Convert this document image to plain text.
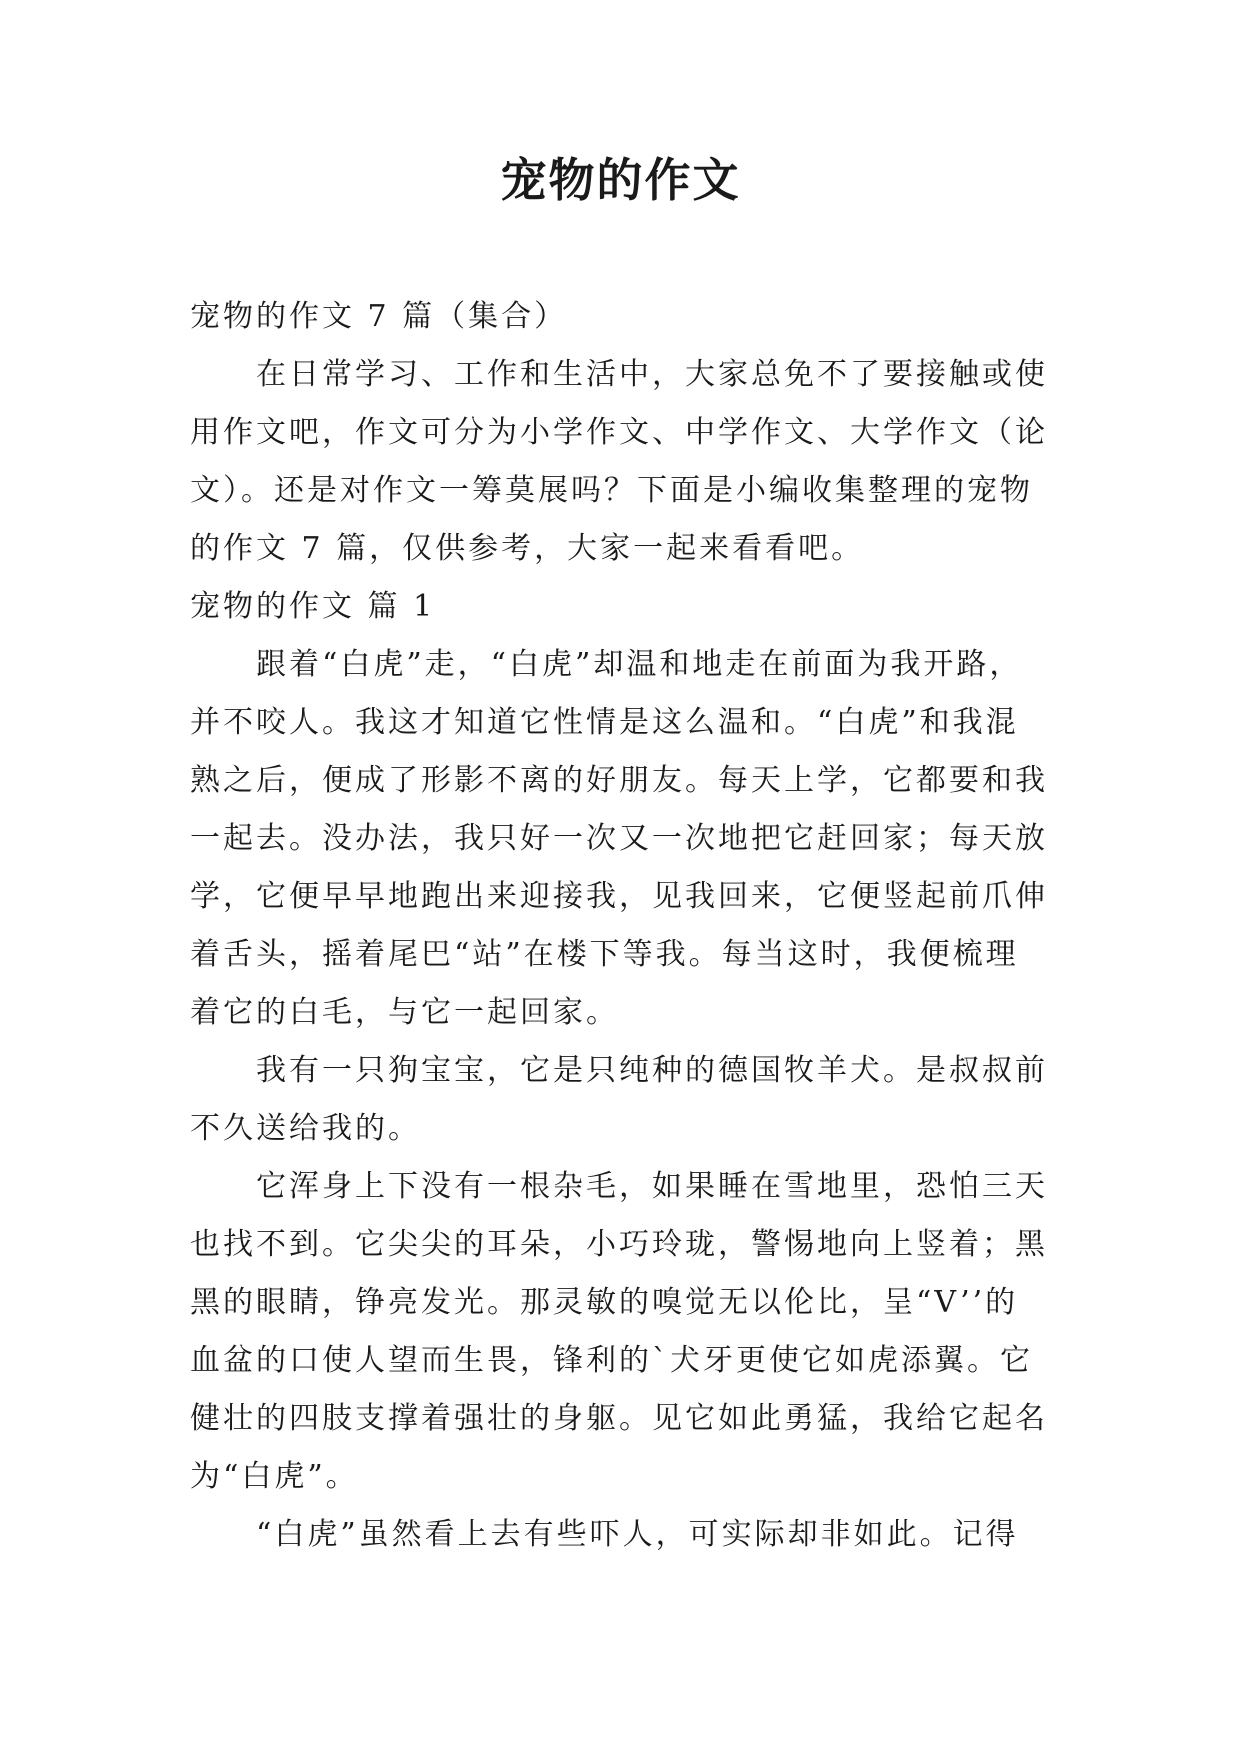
宠物的作文
宠物的作文 7 篇（集合）
在日常学习、工作和生活中，大家总免不了要接触或使
用作文吧，作文可分为小学作文、中学作文、大学作文（论
文）。还是对作文一筹莫展吗？下面是小编收集整理的宠物
的作文 7 篇，仅供参考，大家一起来看看吧。
宠物的作文 篇 1
跟着“白虎”走，“白虎”却温和地走在前面为我开路，
并不咬人。我这才知道它性情是这么温和。“白虎”和我混
熟之后，便成了形影不离的好朋友。每天上学，它都要和我
一起去。没办法，我只好一次又一次地把它赶回家；每天放
学，它便早早地跑出来迎接我，见我回来，它便竖起前爪伸
着舌头，摇着尾巴“站”在楼下等我。每当这时，我便梳理
着它的白毛，与它一起回家。
我有一只狗宝宝，它是只纯种的德国牧羊犬。是叔叔前
不久送给我的。
它浑身上下没有一根杂毛，如果睡在雪地里，恐怕三天
也找不到。它尖尖的耳朵，小巧玲珑，警惕地向上竖着；黑
黑的眼睛，铮亮发光。那灵敏的嗅觉无以伦比，呈“V’’的
血盆的口使人望而生畏，锋利的`犬牙更使它如虎添翼。它
健壮的四肢支撑着强壮的身躯。见它如此勇猛，我给它起名
为“白虎”。
“白虎”虽然看上去有些吓人，可实际却非如此。记得
